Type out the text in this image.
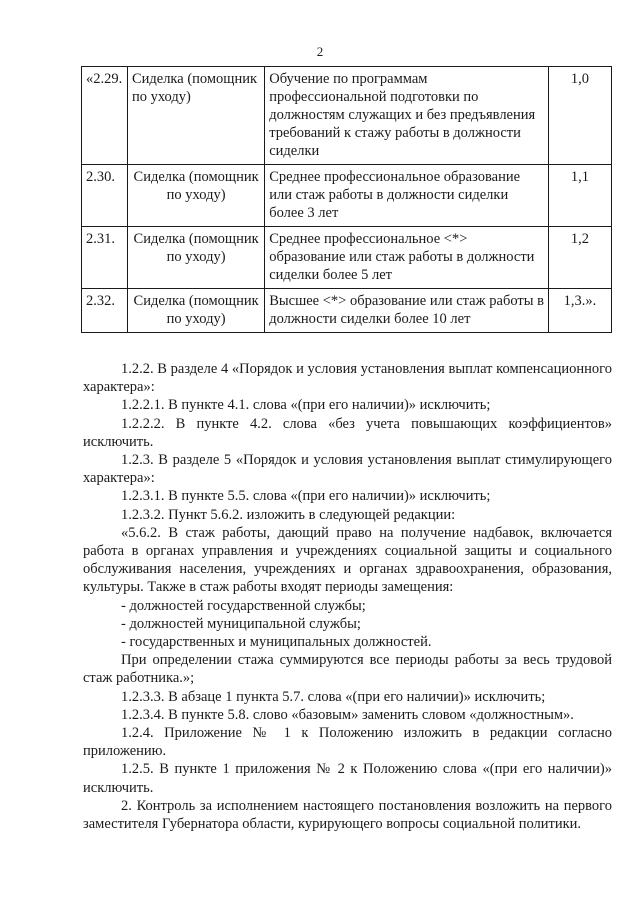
2
«2.29.	Сиделка (помощник по уходу)	Обучение по программам профессиональной подготовки по должностям служащих и без предъявления требований к стажу работы в должности сиделки	1,0
2.30.	Сиделка (помощник по уходу)	Среднее профессиональное образование или стаж работы в должности сиделки более 3 лет	1,1
2.31.	Сиделка (помощник по уходу)	Среднее профессиональное <*> образование или стаж работы в должности сиделки более 5 лет	1,2
2.32.	Сиделка (помощник по уходу)	Высшее <*> образование или стаж работы в должности сиделки более 10 лет	1,3.».

1.2.2. В разделе 4 «Порядок и условия установления выплат компенсационного характера»:

1.2.2.1. В пункте 4.1. слова «(при его наличии)» исключить;

1.2.2.2. В пункте 4.2. слова «без учета повышающих коэффициентов» исключить.

1.2.3. В разделе 5 «Порядок и условия установления выплат стимулирующего характера»:

1.2.3.1. В пункте 5.5. слова «(при его наличии)» исключить;

1.2.3.2. Пункт 5.6.2. изложить в следующей редакции:

«5.6.2. В стаж работы, дающий право на получение надбавок, включается работа в органах управления и учреждениях социальной защиты и социального обслуживания населения, учреждениях и органах здравоохранения, образования, культуры. Также в стаж работы входят периоды замещения:

- должностей государственной службы;

- должностей муниципальной службы;

- государственных и муниципальных должностей.

При определении стажа суммируются все периоды работы за весь трудовой стаж работника.»;

1.2.3.3. В абзаце 1 пункта 5.7. слова «(при его наличии)» исключить;

1.2.3.4. В пункте 5.8. слово «базовым» заменить словом «должностным».

1.2.4. Приложение № 1 к Положению изложить в редакции согласно приложению.

1.2.5. В пункте 1 приложения № 2 к Положению слова «(при его наличии)» исключить.

2. Контроль за исполнением настоящего постановления возложить на первого заместителя Губернатора области, курирующего вопросы социальной политики.
